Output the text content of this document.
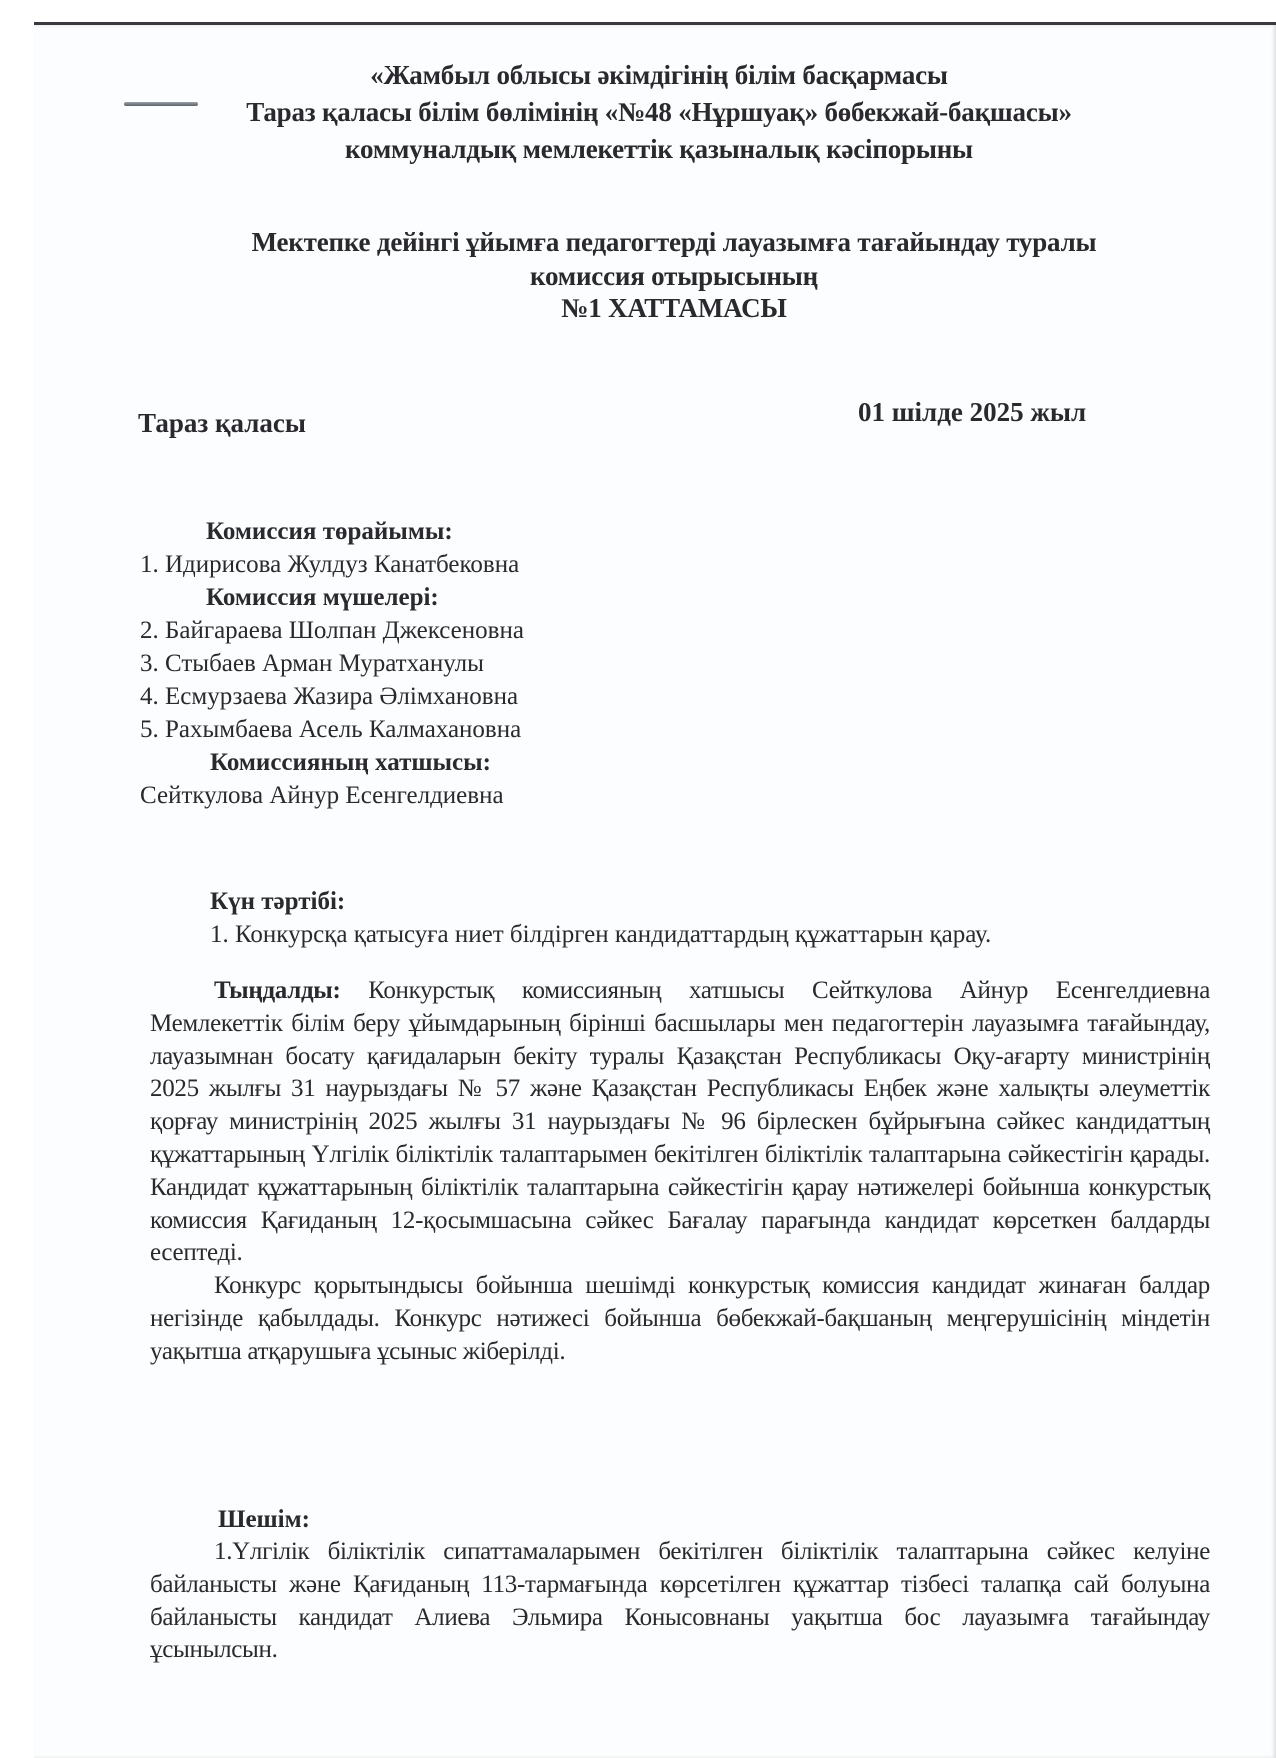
«Жамбыл облысы әкімдігінің білім басқармасы
Тараз қаласы білім бөлімінің «№48 «Нұршуақ» бөбекжай-бақшасы»
коммуналдық мемлекеттік қазыналық кәсіпорыны
Мектепке дейінгі ұйымға педагогтерді лауазымға тағайындау туралы
комиссия отырысының
№1 ХАТТАМАСЫ
Тараз қаласы	01 шілде 2025 жыл
Комиссия төрайымы:
1. Идирисова Жулдуз Канатбековна
Комиссия мүшелері:
2. Байгараева Шолпан Джексеновна
3. Стыбаев Арман Муратханулы
4. Есмурзаева Жазира Әлімхановна
5. Рахымбаева Асель Калмахановна
Комиссияның хатшысы:
Сейткулова Айнур Есенгелдиевна
Күн тәртібі:
1. Конкурсқа қатысуға ниет білдірген кандидаттардың құжаттарын қарау.
Тыңдалды: Конкурстық комиссияның хатшысы Сейткулова Айнур Есенгелдиевна Мемлекеттік білім беру ұйымдарының бірінші басшылары мен педагогтерін лауазымға тағайындау, лауазымнан босату қағидаларын бекіту туралы Қазақстан Республикасы Оқу-ағарту министрінің 2025 жылғы 31 наурыздағы № 57 және Қазақстан Республикасы Еңбек және халықты әлеуметтік қорғау министрінің 2025 жылғы 31 наурыздағы № 96 бірлескен бұйрығына сәйкес кандидаттың құжаттарының Үлгілік біліктілік талаптарымен бекітілген біліктілік талаптарына сәйкестігін қарады. Кандидат құжаттарының біліктілік талаптарына сәйкестігін қарау нәтижелері бойынша конкурстық комиссия Қағиданың 12-қосымшасына сәйкес Бағалау парағында кандидат көрсеткен балдарды есептеді.
Конкурс қорытындысы бойынша шешімді конкурстық комиссия кандидат жинаған балдар негізінде қабылдады. Конкурс нәтижесі бойынша бөбекжай-бақшаның меңгерушісінің міндетін уақытша атқарушыға ұсыныс жіберілді.
Шешім:
1.Үлгілік біліктілік сипаттамаларымен бекітілген біліктілік талаптарына сәйкес келуіне байланысты және Қағиданың 113-тармағында көрсетілген құжаттар тізбесі талапқа сай болуына байланысты кандидат Алиева Эльмира Конысовнаны уақытша бос лауазымға тағайындау ұсынылсын.
